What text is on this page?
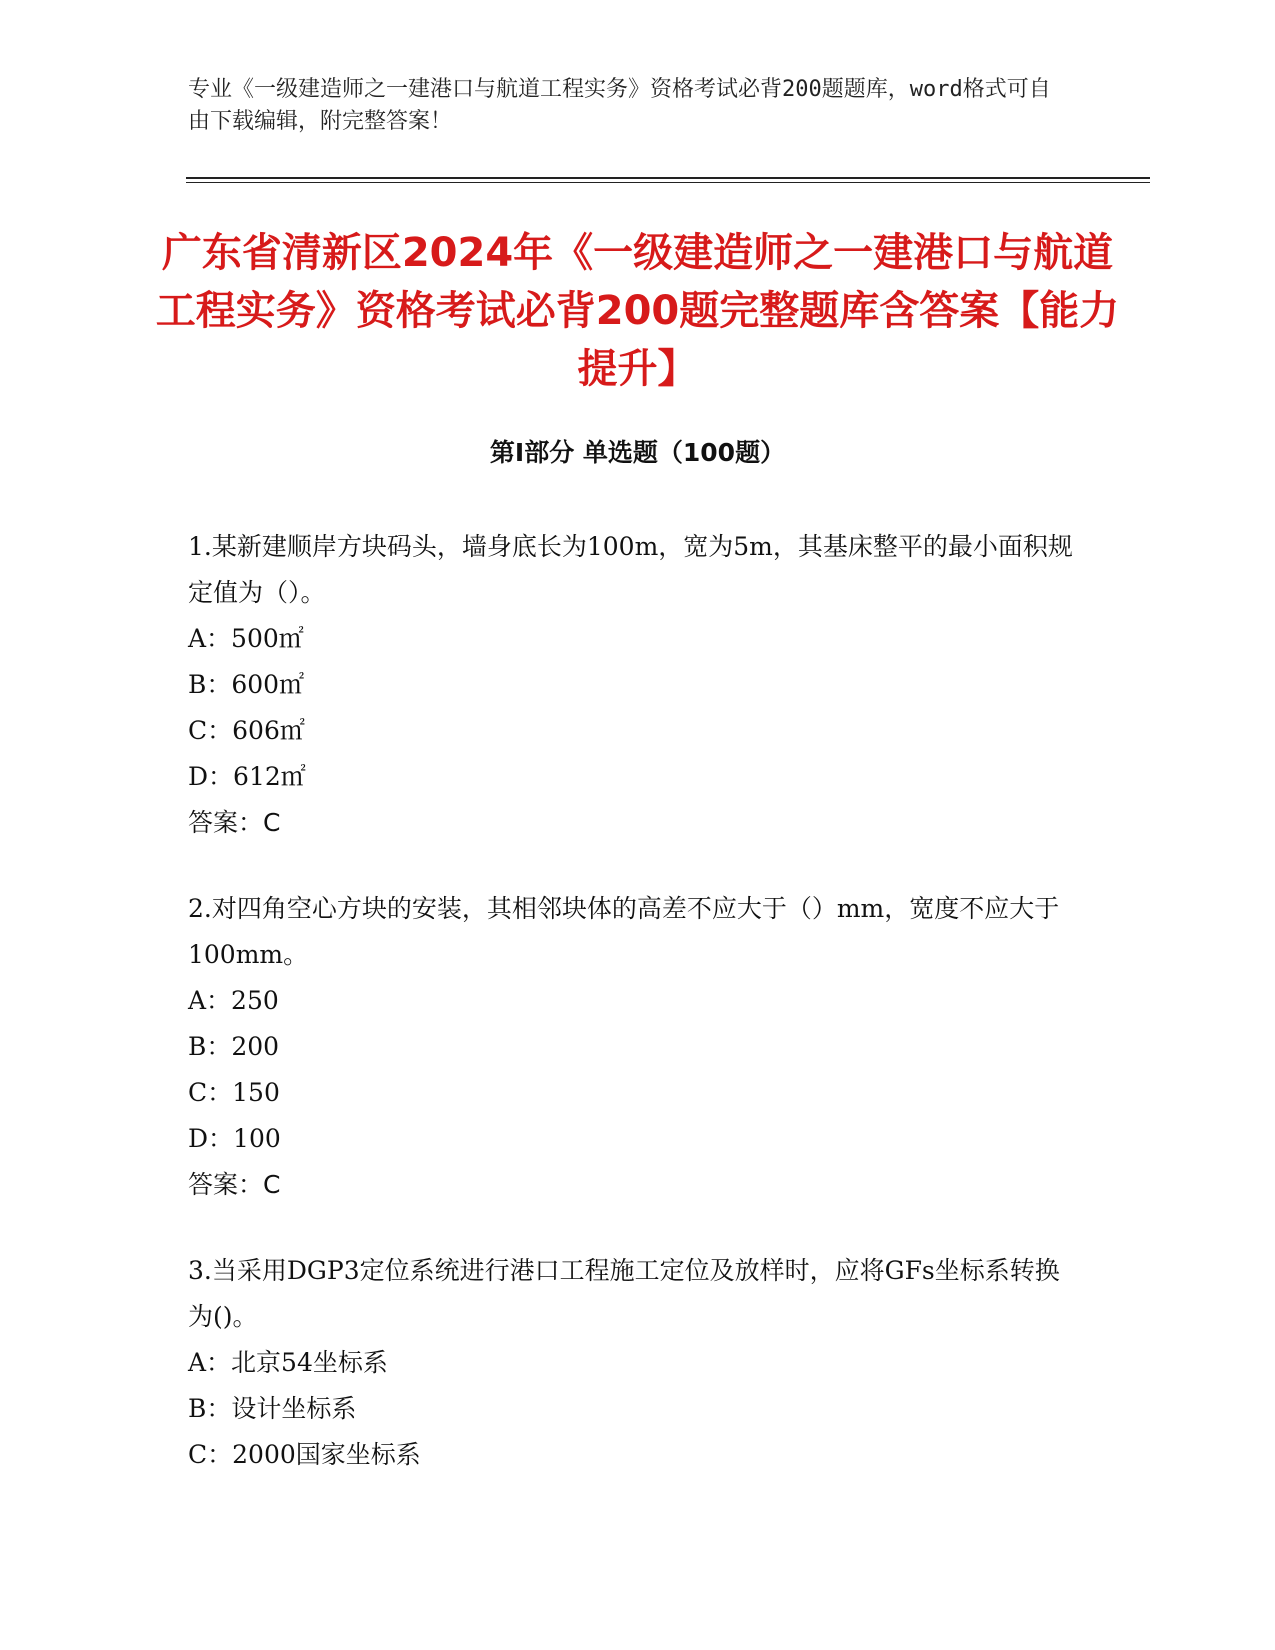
专业《一级建造师之一建港口与航道工程实务》资格考试必背200题题库，word格式可自由下载编辑，附完整答案！
广东省清新区2024年《一级建造师之一建港口与航道工程实务》资格考试必背200题完整题库含答案【能力提升】
第Ⅰ部分 单选题（100题）
1.某新建顺岸方块码头，墙身底长为100m，宽为5m，其基床整平的最小面积规定值为（）。
A：500㎡
B：600㎡
C：606㎡
D：612㎡
答案：C
2.对四角空心方块的安装，其相邻块体的高差不应大于（）mm，宽度不应大于100mm。
A：250
B：200
C：150
D：100
答案：C
3.当采用DGP3定位系统进行港口工程施工定位及放样时，应将GFs坐标系转换为()。
A：北京54坐标系
B：设计坐标系
C：2000国家坐标系
